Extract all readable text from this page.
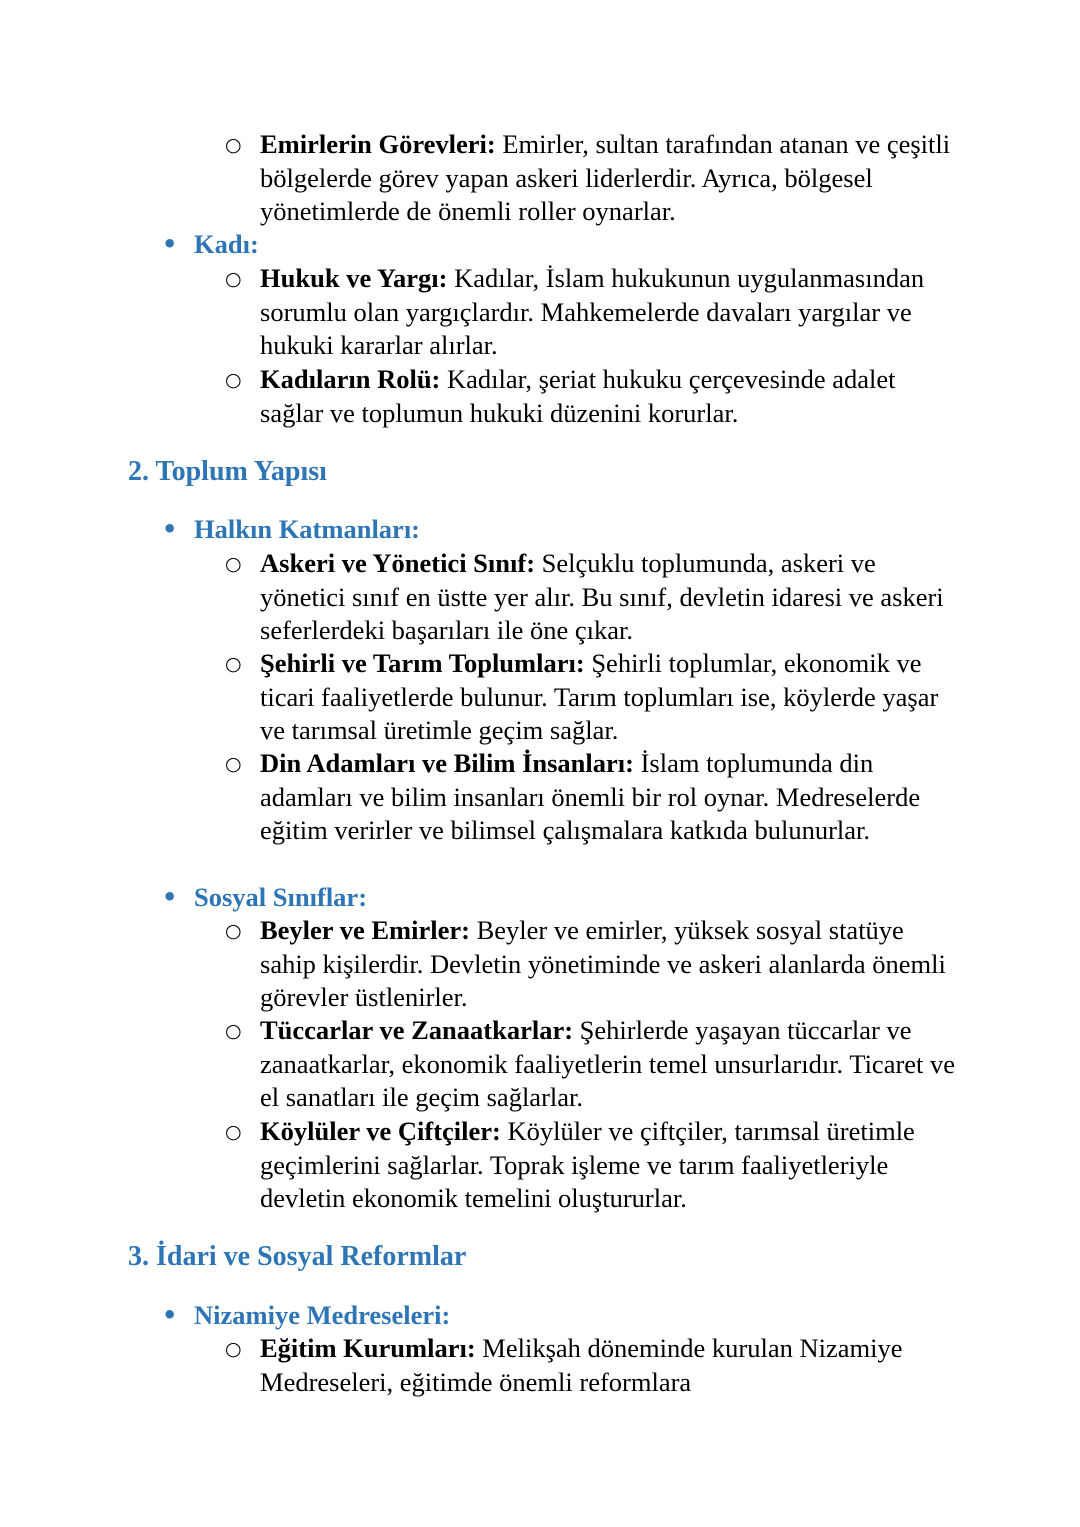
○ Emirlerin Görevleri: Emirler, sultan tarafından atanan ve çeşitli bölgelerde görev yapan askeri liderlerdir. Ayrıca, bölgesel yönetimlerde de önemli roller oynarlar.
• Kadı:
○ Hukuk ve Yargı: Kadılar, İslam hukukunun uygulanmasından sorumlu olan yargıçlardır. Mahkemelerde davaları yargılar ve hukuki kararlar alırlar.
○ Kadıların Rolü: Kadılar, şeriat hukuku çerçevesinde adalet sağlar ve toplumun hukuki düzenini korurlar.
2. Toplum Yapısı
• Halkın Katmanları:
○ Askeri ve Yönetici Sınıf: Selçuklu toplumunda, askeri ve yönetici sınıf en üstte yer alır. Bu sınıf, devletin idaresi ve askeri seferlerdeki başarıları ile öne çıkar.
○ Şehirli ve Tarım Toplumları: Şehirli toplumlar, ekonomik ve ticari faaliyetlerde bulunur. Tarım toplumları ise, köylerde yaşar ve tarımsal üretimle geçim sağlar.
○ Din Adamları ve Bilim İnsanları: İslam toplumunda din adamları ve bilim insanları önemli bir rol oynar. Medreselerde eğitim verirler ve bilimsel çalışmalara katkıda bulunurlar.
• Sosyal Sınıflar:
○ Beyler ve Emirler: Beyler ve emirler, yüksek sosyal statüye sahip kişilerdir. Devletin yönetiminde ve askeri alanlarda önemli görevler üstlenirler.
○ Tüccarlar ve Zanaatkarlar: Şehirlerde yaşayan tüccarlar ve zanaatkarlar, ekonomik faaliyetlerin temel unsurlarıdır. Ticaret ve el sanatları ile geçim sağlarlar.
○ Köylüler ve Çiftçiler: Köylüler ve çiftçiler, tarımsal üretimle geçimlerini sağlarlar. Toprak işleme ve tarım faaliyetleriyle devletin ekonomik temelini oluştururlar.
3. İdari ve Sosyal Reformlar
• Nizamiye Medreseleri:
○ Eğitim Kurumları: Melikşah döneminde kurulan Nizamiye Medreseleri, eğitimde önemli reformlara
